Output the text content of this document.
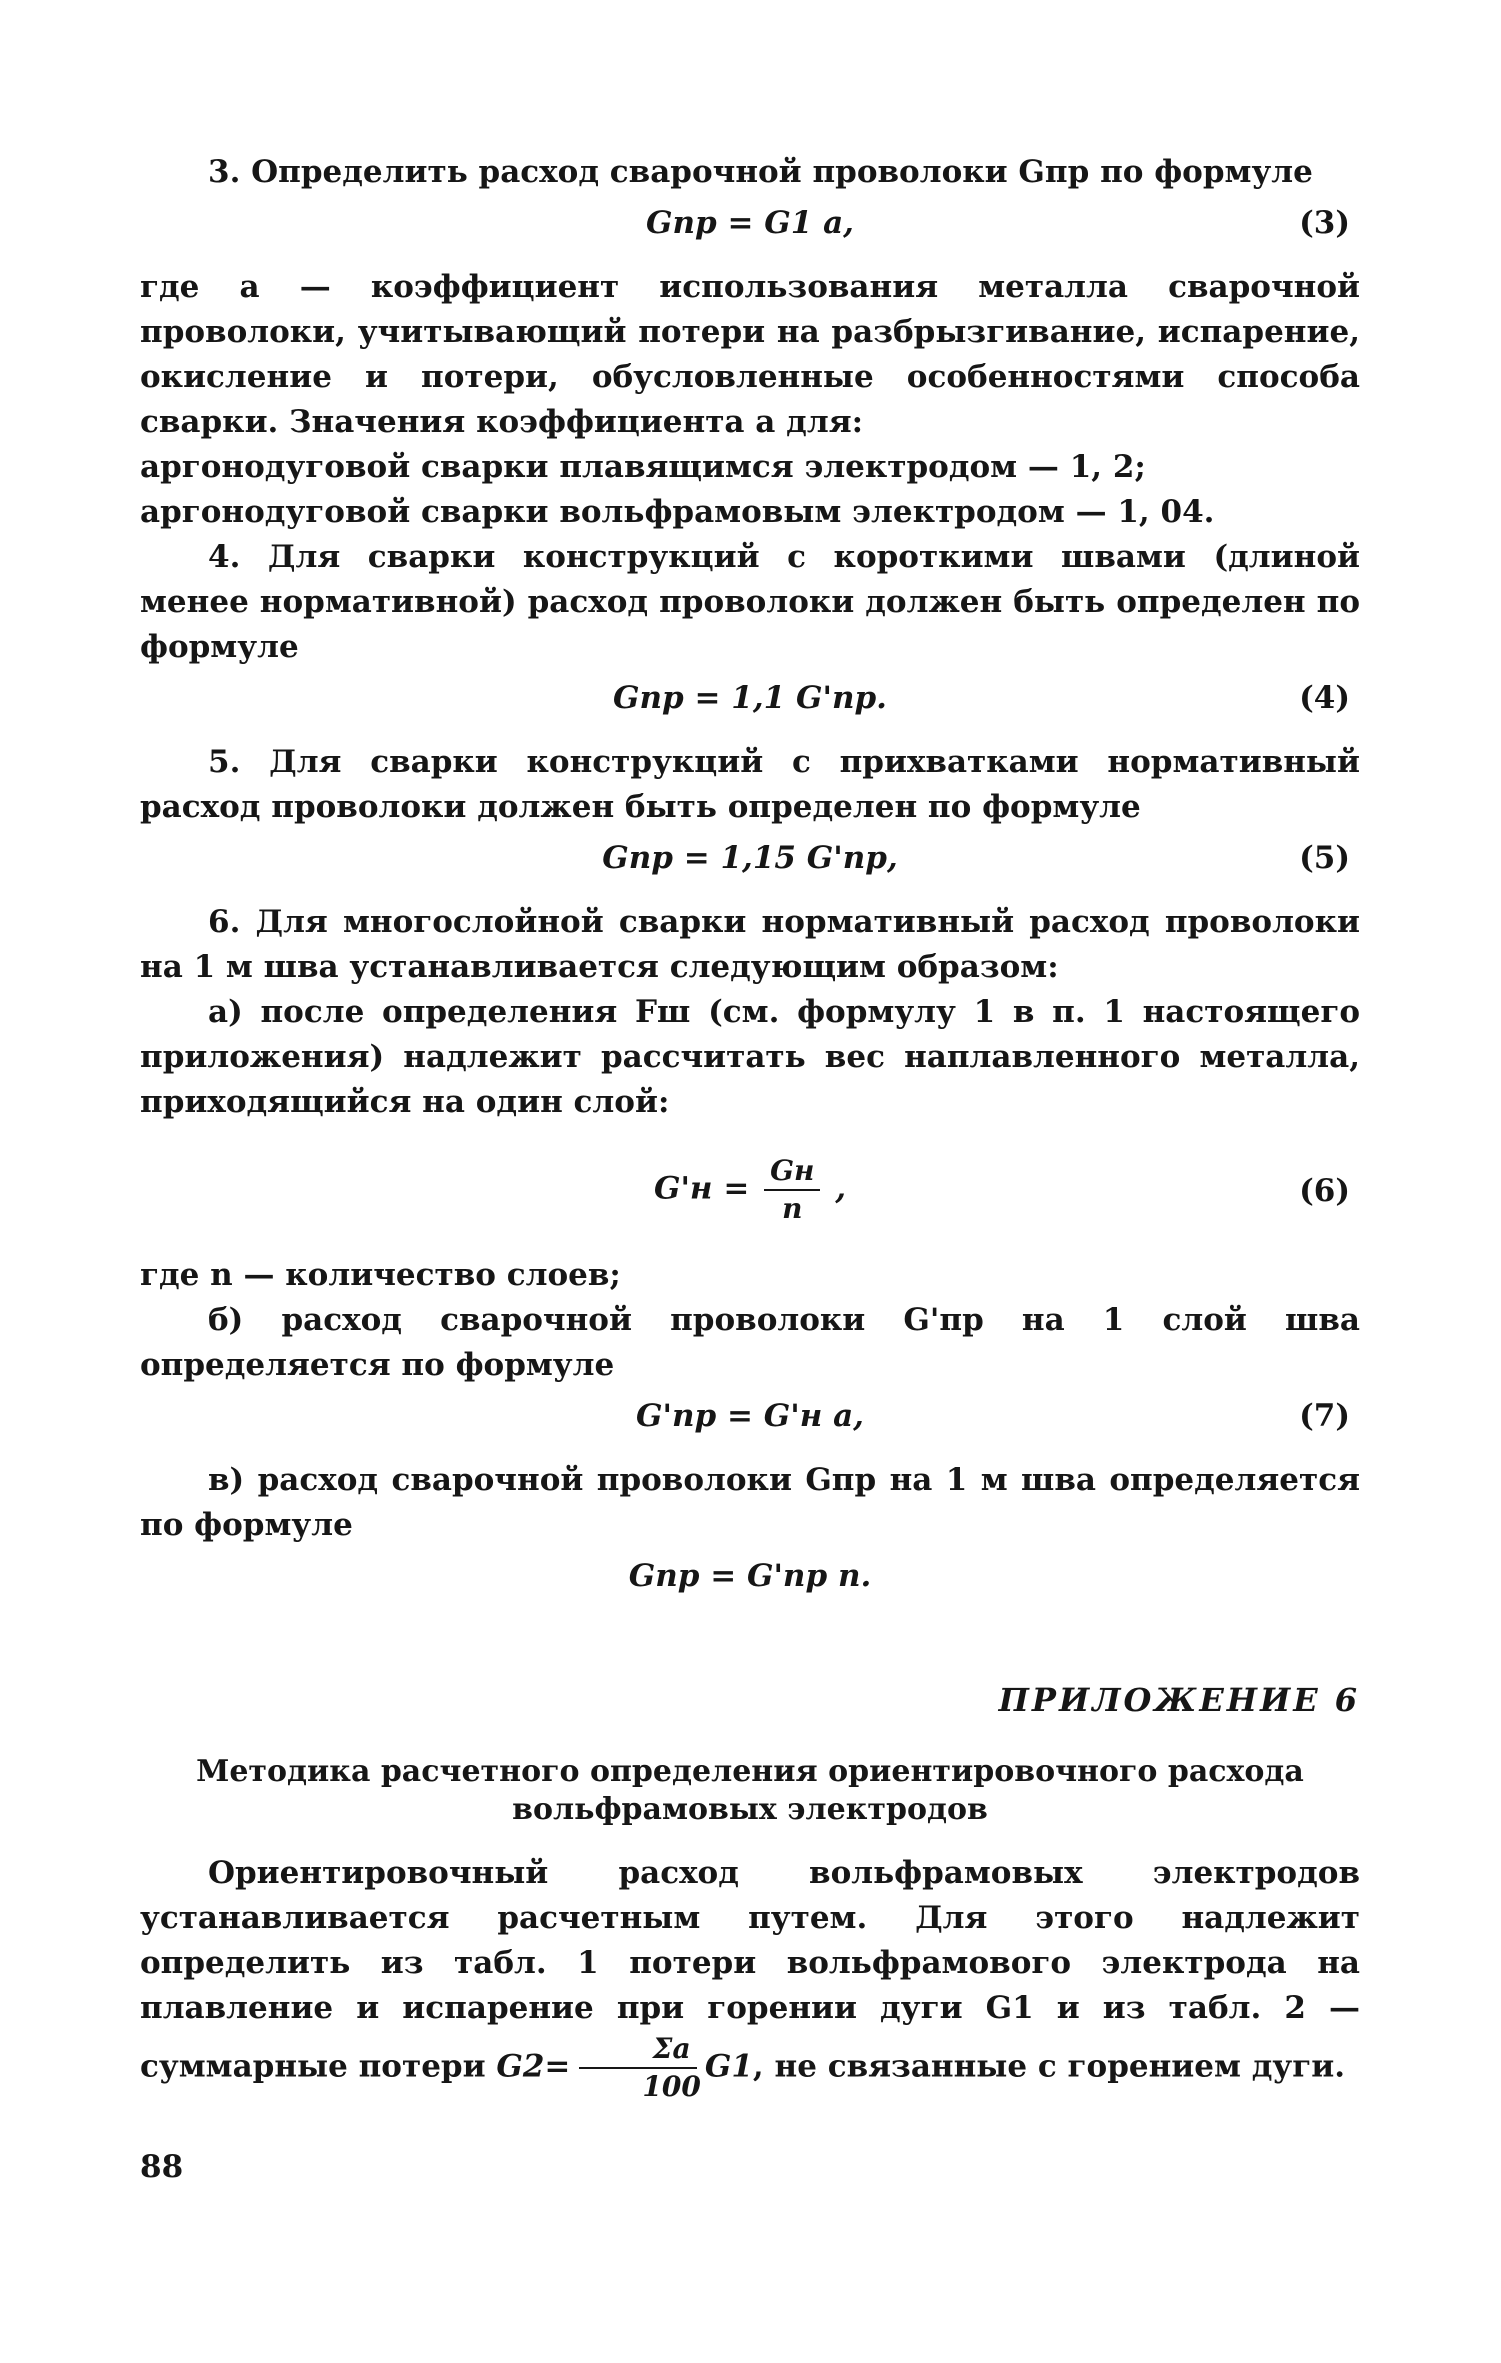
3. Определить расход сварочной проволоки Gпр по формуле

Gпр = G1 a,	(3)

где a — коэффициент использования металла сварочной проволоки, учитывающий потери на разбрызгивание, испарение, окисление и потери, обусловленные особенностями способа сварки. Значения коэффициента a для:

аргонодуговой сварки плавящимся электродом — 1, 2;

аргонодуговой сварки вольфрамовым электродом — 1, 04.

4. Для сварки конструкций с короткими швами (длиной менее нормативной) расход проволоки должен быть определен по формуле

Gпр = 1,1 G'пр.	(4)

5. Для сварки конструкций с прихватками нормативный расход проволоки должен быть определен по формуле

Gпр = 1,15 G'пр,	(5)

6. Для многослойной сварки нормативный расход проволоки на 1 м шва устанавливается следующим образом:

а) после определения Fш (см. формулу 1 в п. 1 настоящего приложения) надлежит рассчитать вес наплавленного металла, приходящийся на один слой:

$G'н = \frac{Gн}{n}$ ,	(6)

где n — количество слоев;

б) расход сварочной проволоки G'пр на 1 слой шва определяется по формуле

G'пр = G'н a,	(7)

в) расход сварочной проволоки Gпр на 1 м шва определяется по формуле

Gпр = G'пр n.
ПРИЛОЖЕНИЕ 6
Методика расчетного определения ориентировочного расхода
вольфрамовых электродов

Ориентировочный расход вольфрамовых электродов устанавливается расчетным путем. Для этого надлежит определить из табл. 1 потери вольфрамового электрода на плавление и испарение при горении дуги G1 и из табл. 2 — суммарные потери $G2= \frac{\Sigma a}{100} G1$, не связанные с горением дуги.

88
